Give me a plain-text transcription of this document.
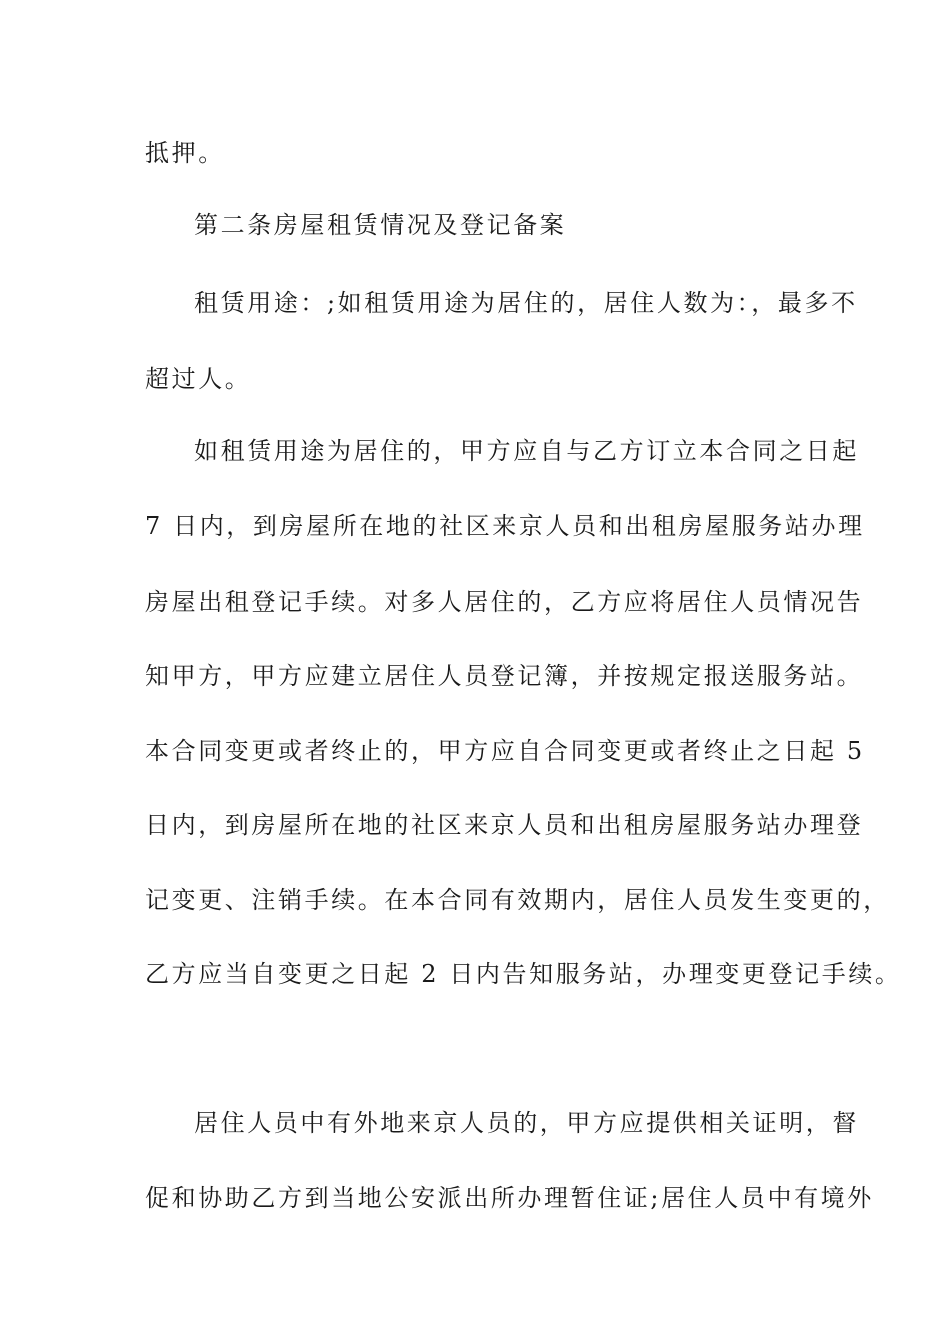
抵押。

第二条房屋租赁情况及登记备案

租赁用途：;如租赁用途为居住的，居住人数为：，最多不

超过人。

如租赁用途为居住的，甲方应自与乙方订立本合同之日起

7 日内，到房屋所在地的社区来京人员和出租房屋服务站办理

房屋出租登记手续。对多人居住的，乙方应将居住人员情况告

知甲方，甲方应建立居住人员登记簿，并按规定报送服务站。

本合同变更或者终止的，甲方应自合同变更或者终止之日起 5

日内，到房屋所在地的社区来京人员和出租房屋服务站办理登

记变更、注销手续。在本合同有效期内，居住人员发生变更的，

乙方应当自变更之日起 2 日内告知服务站，办理变更登记手续。

居住人员中有外地来京人员的，甲方应提供相关证明，督

促和协助乙方到当地公安派出所办理暂住证;居住人员中有境外
